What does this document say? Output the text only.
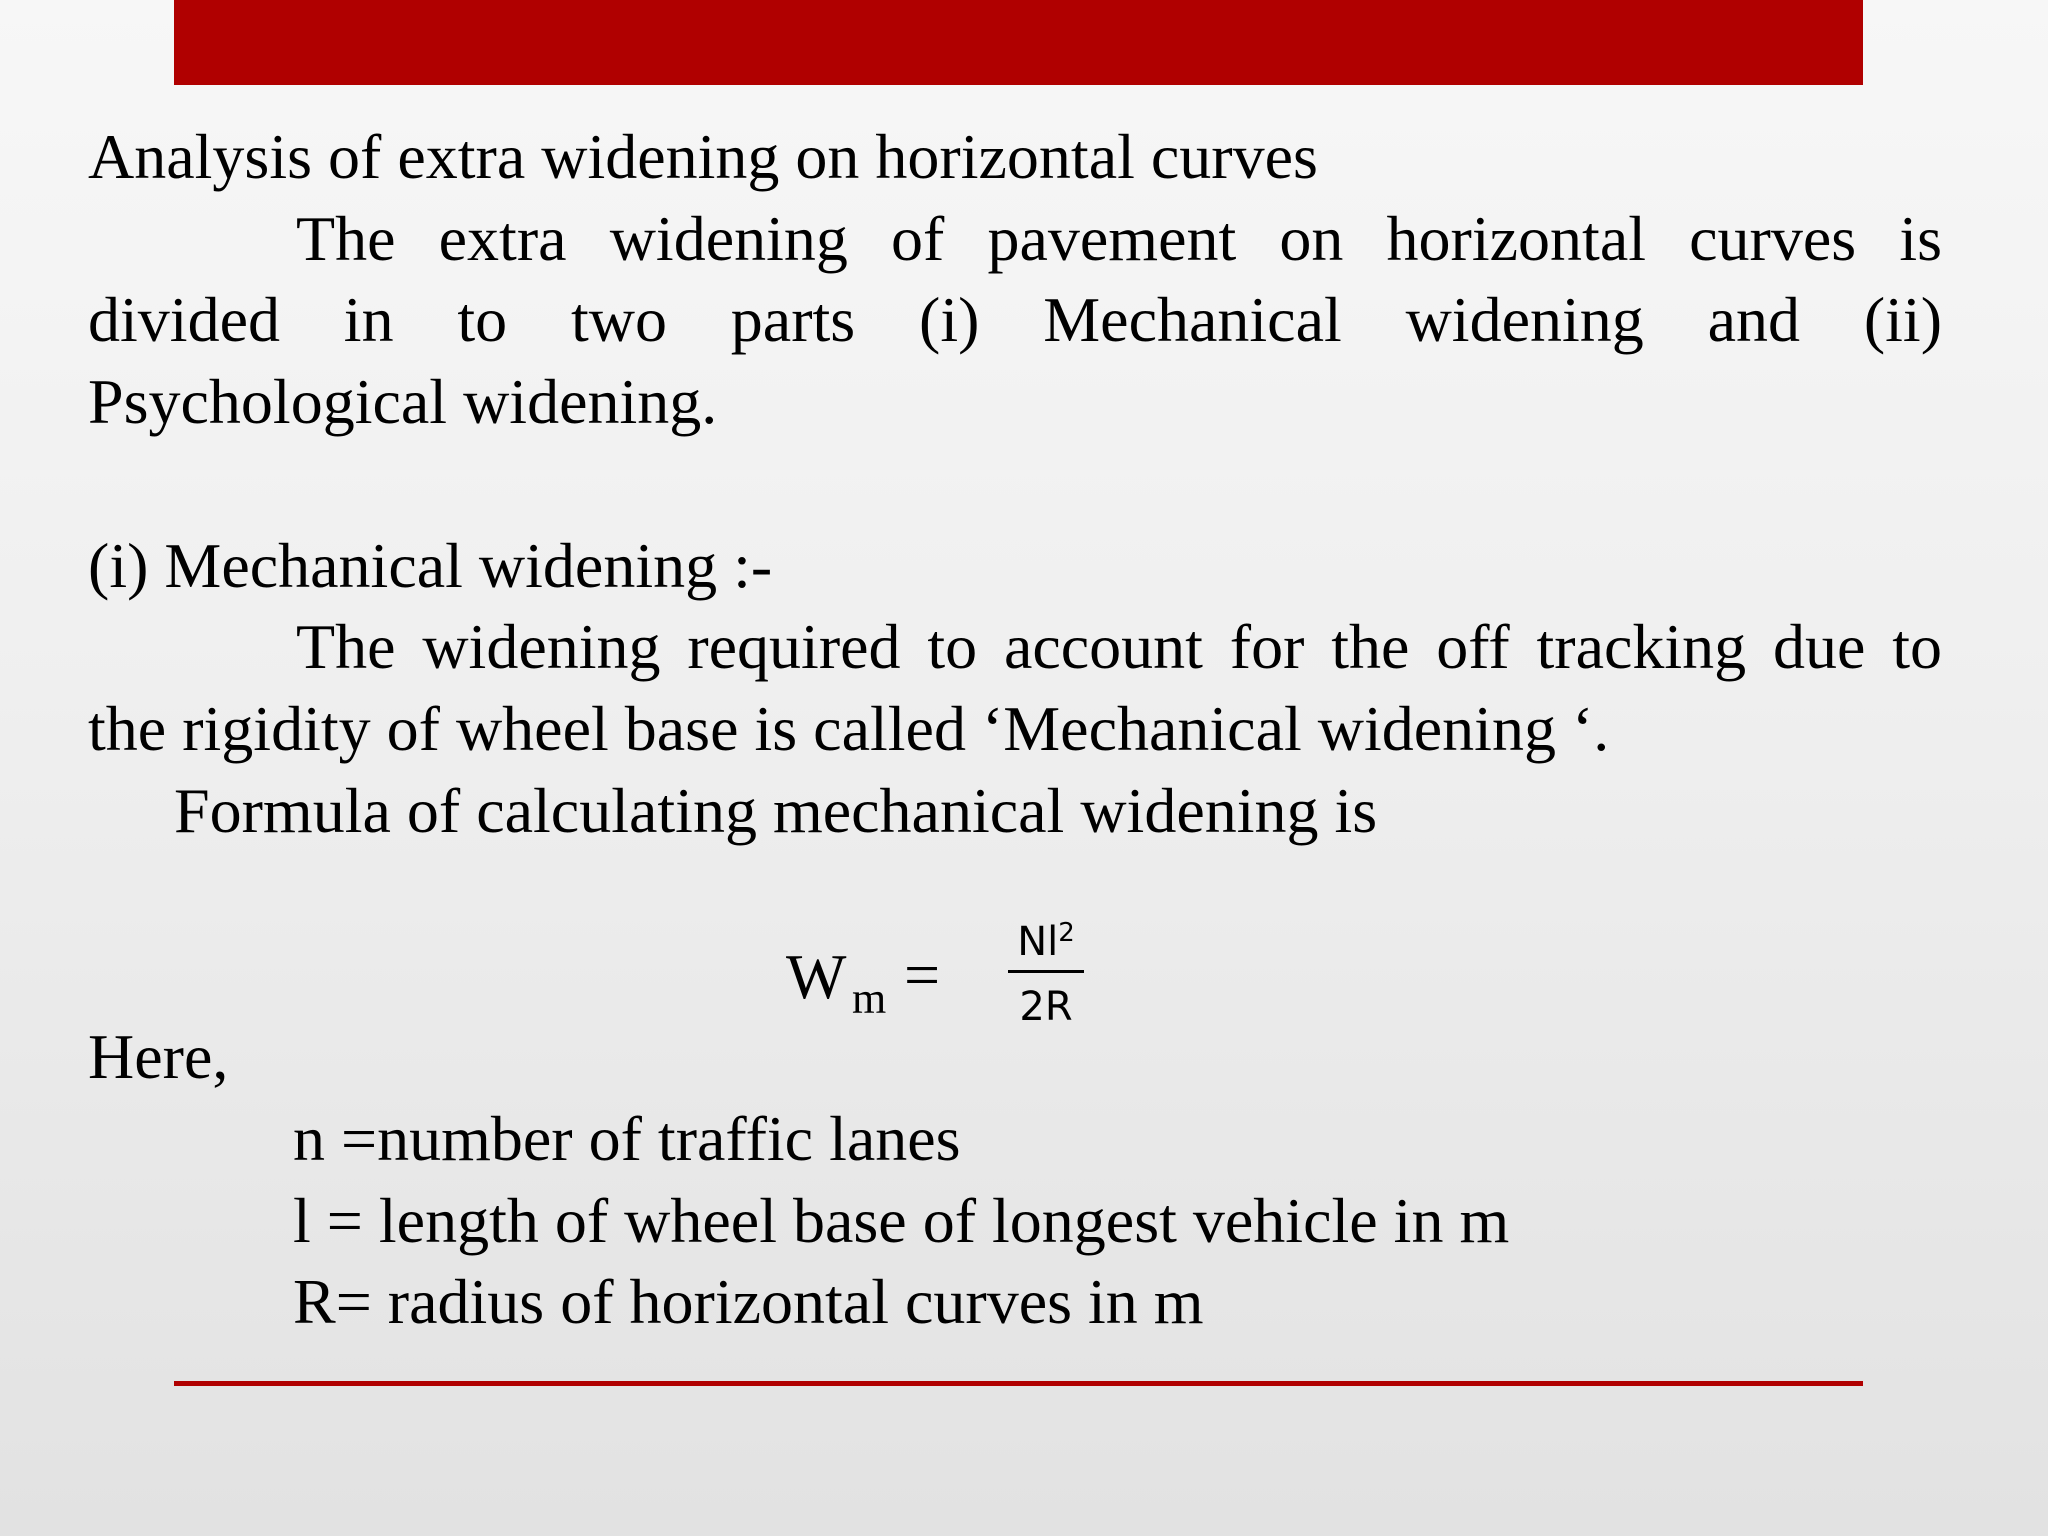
Analysis of extra widening on horizontal curves
The extra widening of pavement on horizontal curves is
divided in to two parts (i) Mechanical widening and (ii)
Psychological widening.
(i) Mechanical widening :-
The widening required to account for the off tracking due to
the rigidity of wheel base is called ‘Mechanical widening ‘.
Formula of calculating mechanical widening is
W $m = \frac{Nl^2}{2R}$
Here,
n =number of traffic lanes
l = length of wheel base of longest vehicle in m
R= radius of horizontal curves in m
